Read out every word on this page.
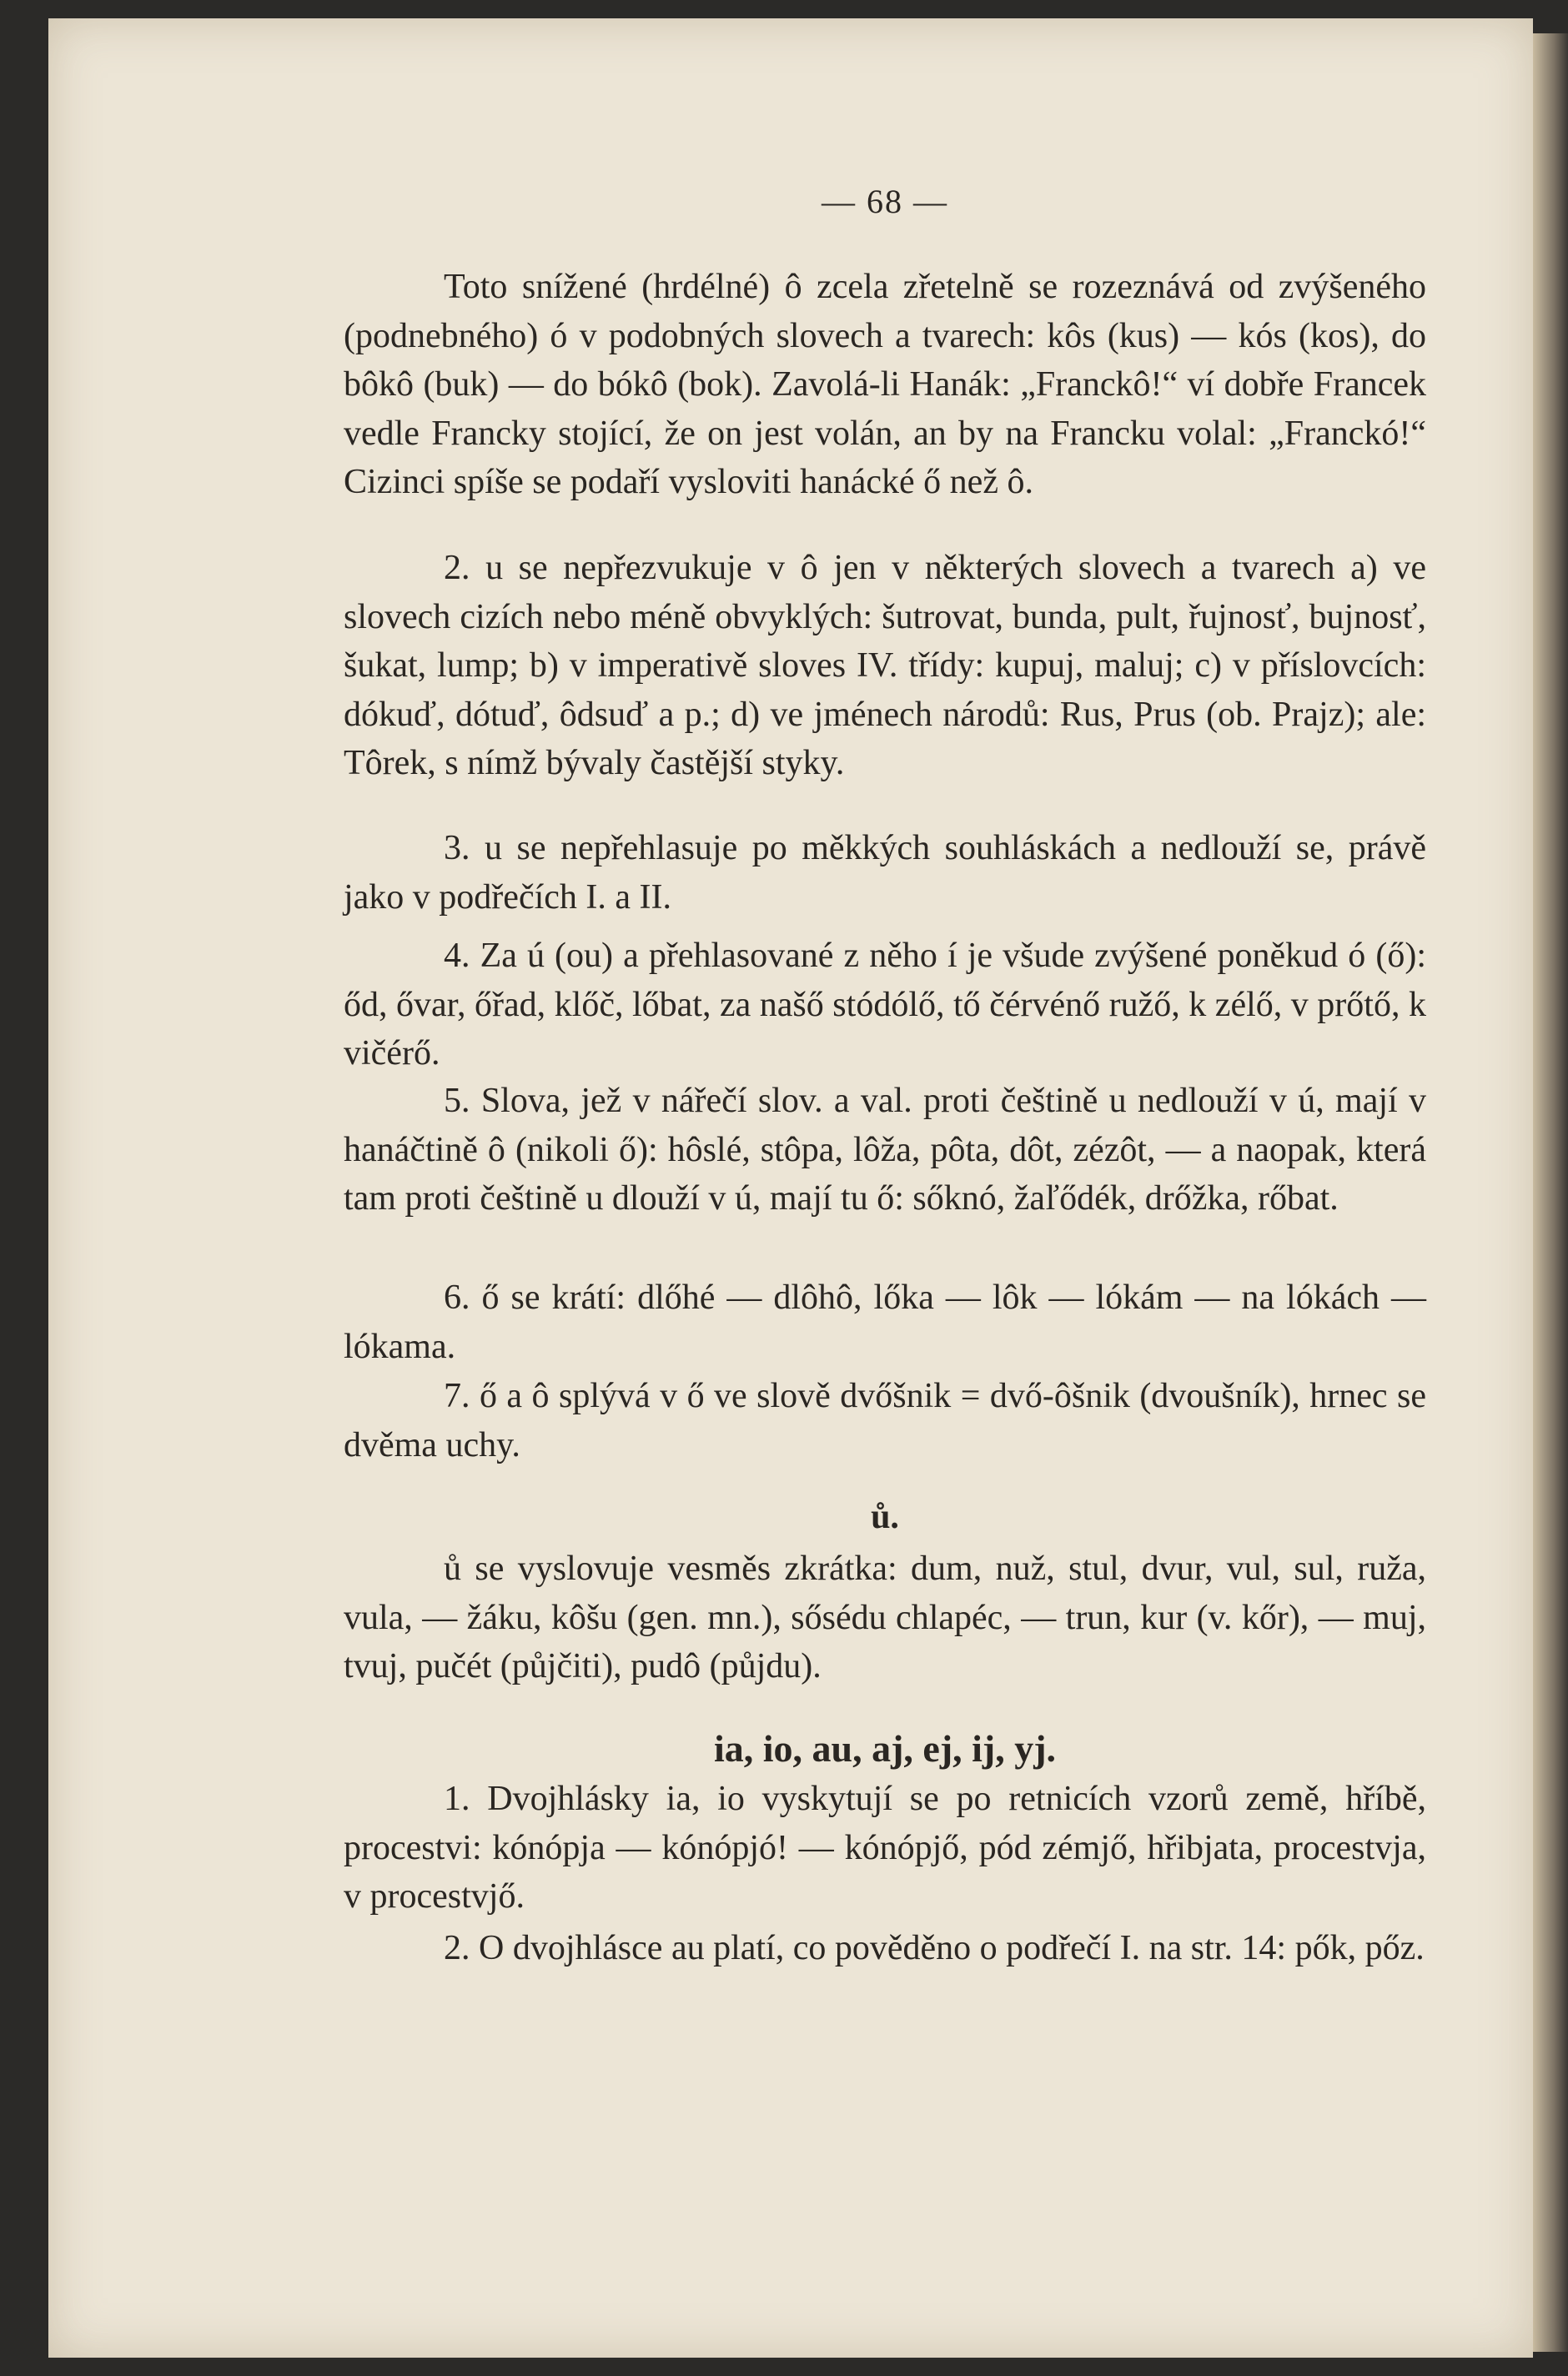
— 68 —

Toto snížené (hrdélné) ô zcela zřetelně se rozeznává od zvýšeného (podnebného) ó v podobných slovech a tvarech: kôs (kus) — kós (kos), do bôkô (buk) — do bókô (bok). Zavolá-li Hanák: „Franckô!“ ví dobře Francek vedle Francky stojící, že on jest volán, an by na Francku volal: „Franckó!“ Cizinci spíše se podaří vysloviti hanácké ő než ô.

2. u se nepřezvukuje v ô jen v některých slovech a tvarech a) ve slovech cizích nebo méně obvyklých: šutrovat, bunda, pult, řujnosť, bujnosť, šukat, lump; b) v imperativě sloves IV. třídy: kupuj, maluj; c) v příslovcích: dókuď, dótuď, ôdsuď a p.; d) ve jménech národů: Rus, Prus (ob. Prajz); ale: Tôrek, s nímž bývaly častější styky.

3. u se nepřehlasuje po měkkých souhláskách a nedlouží se, právě jako v podřečích I. a II.

4. Za ú (ou) a přehlasované z něho í je všude zvýšené poněkud ó (ő): őd, ővar, őřad, klőč, lőbat, za našő stódólő, tő čérvénő ružő, k zélő, v prőtő, k vičérő.

5. Slova, jež v nářečí slov. a val. proti češtině u nedlouží v ú, mají v hanáčtině ô (nikoli ő): hôslé, stôpa, lôža, pôta, dôt, zézôt, — a naopak, která tam proti češtině u dlouží v ú, mají tu ő: sőknó, žaľődék, drőžka, rőbat.

6. ő se krátí: dlőhé — dlôhô, lőka — lôk — lókám — na lókách — lókama.

7. ő a ô splývá v ő ve slově dvőšnik = dvő-ôšnik (dvoušník), hrnec se dvěma uchy.

ů.

ů se vyslovuje vesměs zkrátka: dum, nuž, stul, dvur, vul, sul, ruža, vula, — žáku, kôšu (gen. mn.), sősédu chlapéc, — trun, kur (v. kőr), — muj, tvuj, pučét (půjčiti), pudô (půjdu).

ia, io, au, aj, ej, ij, yj.

1. Dvojhlásky ia, io vyskytují se po retnicích vzorů země, hříbě, procestvi: kónópja — kónópjó! — kónópjő, pód zémjő, hřibjata, procestvja, v procestvjő.

2. O dvojhlásce au platí, co pověděno o podřečí I. na str. 14: pők, pőz.
